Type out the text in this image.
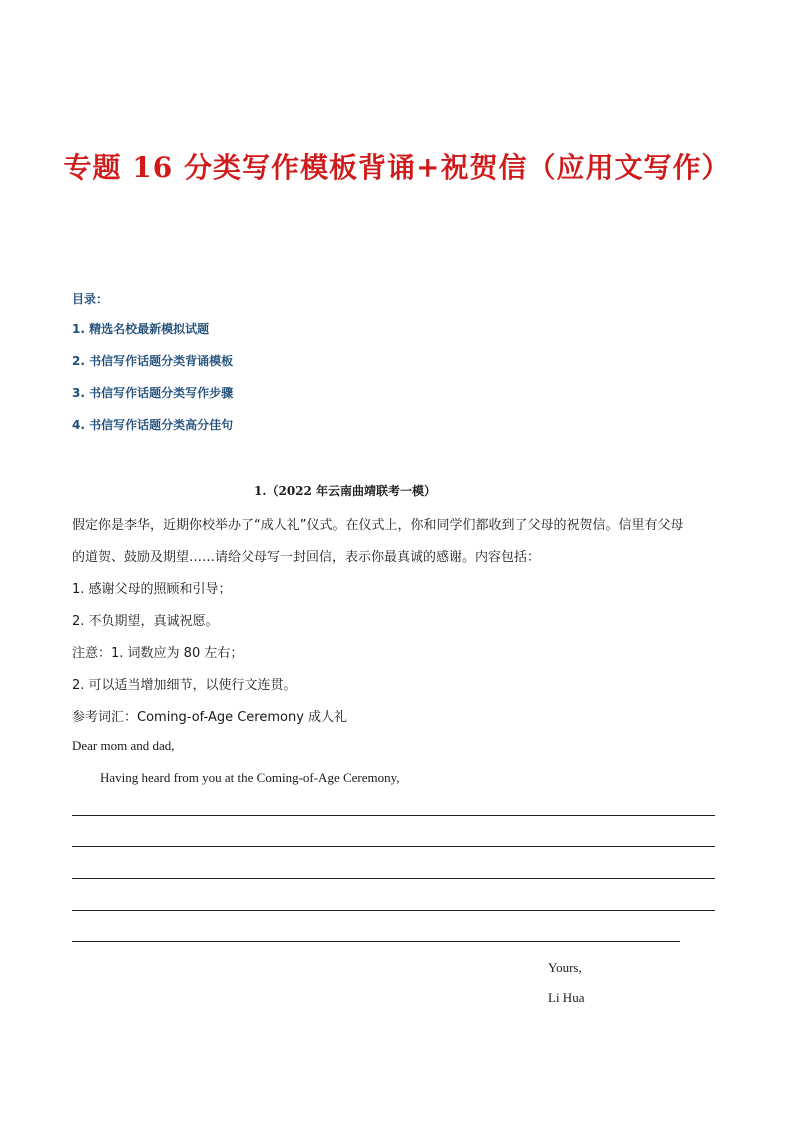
专题 16 分类写作模板背诵+祝贺信（应用文写作）

目录：

1. 精选名校最新模拟试题

2. 书信写作话题分类背诵模板

3. 书信写作话题分类写作步骤

4. 书信写作话题分类高分佳句

1.（2022 年云南曲靖联考一模）

假定你是李华，近期你校举办了“成人礼”仪式。在仪式上，你和同学们都收到了父母的祝贺信。信里有父母

的道贺、鼓励及期望……请给父母写一封回信，表示你最真诚的感谢。内容包括：

1. 感谢父母的照顾和引导；

2. 不负期望，真诚祝愿。

注意：1. 词数应为 80 左右；

2. 可以适当增加细节，以使行文连贯。

参考词汇：Coming-of-Age Ceremony 成人礼

Dear mom and dad,

Having heard from you at the Coming-of-Age Ceremony,

Yours,

Li Hua
